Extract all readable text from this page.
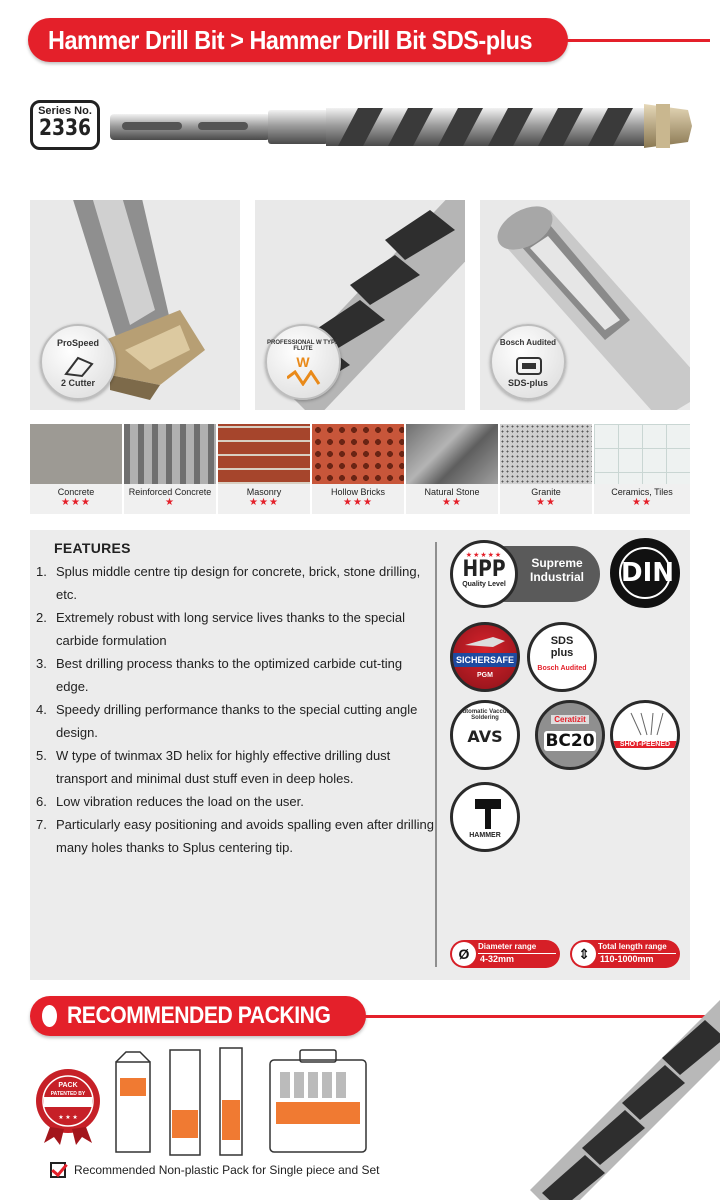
Hammer Drill Bit > Hammer Drill Bit SDS-plus
Series No.
2336
ProSpeed
2 Cutter
PROFESSIONAL W TYPE FLUTE
W
Bosch Audited
SDS-plus
Concrete
★★★
Reinforced Concrete
★
Masonry
★★★
Hollow Bricks
★★★
Natural Stone
★★
Granite
★★
Ceramics, Tiles
★★
FEATURES
1. Splus middle centre tip design for concrete, brick, stone drilling, etc.
2. Extremely robust with long service lives thanks to the special carbide formulation
3. Best drilling process thanks to the optimized carbide cut-ting edge.
4. Speedy drilling performance thanks to the special cutting angle design.
5. W type of twinmax 3D helix for highly effective drilling dust transport and minimal dust stuff even in deep holes.
6. Low vibration reduces the load on the user.
7. Particularly easy positioning and avoids spalling even after drilling many holes thanks to Splus centering tip.
Supreme Industrial
★★★★★
HPP
Quality Level	DIN
SICHERSAFE
PGM
SDS plus
Bosch Audited
Automatic Vaccum Soldering
AVS
Ceratizit
BC20	SHOT-PEENED
HAMMER
Ø	Diameter range
4-32mm	⇕	Total length range
110-1000mm
RECOMMENDED PACKING
PACK
PATENTED BY
★ ★ ★
Recommended Non-plastic Pack for Single piece and Set
